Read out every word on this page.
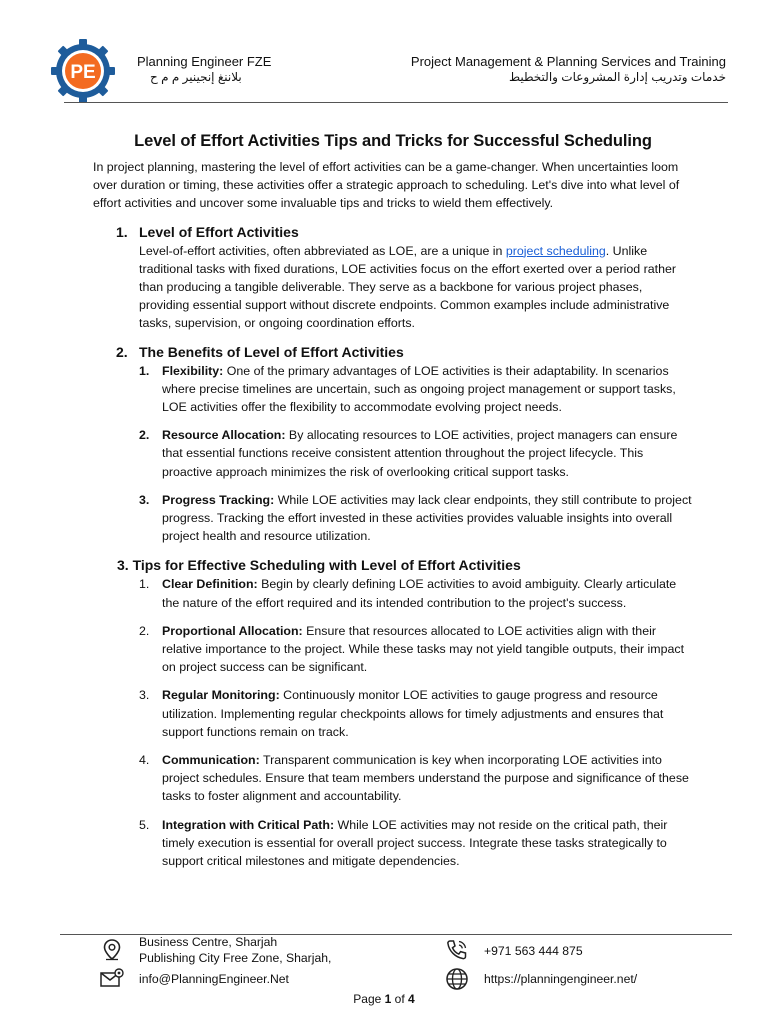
PE
Planning Engineer FZE
بلاننغ إنجينير م م ح
Project Management & Planning Services and Training
خدمات وتدريب إدارة المشروعات والتخطيط
Level of Effort Activities Tips and Tricks for Successful Scheduling

In project planning, mastering the level of effort activities can be a game-changer. When uncertainties loom over duration or timing, these activities offer a strategic approach to scheduling. Let's dive into what level of effort activities and uncover some invaluable tips and tricks to wield them effectively.

1. Level of Effort Activities

Level-of-effort activities, often abbreviated as LOE, are a unique in project scheduling. Unlike traditional tasks with fixed durations, LOE activities focus on the effort exerted over a period rather than producing a tangible deliverable. They serve as a backbone for various project phases, providing essential support without discrete endpoints. Common examples include administrative tasks, supervision, or ongoing coordination efforts.

2. The Benefits of Level of Effort Activities
1.	Flexibility: One of the primary advantages of LOE activities is their adaptability. In scenarios where precise timelines are uncertain, such as ongoing project management or support tasks, LOE activities offer the flexibility to accommodate evolving project needs.
2.	Resource Allocation: By allocating resources to LOE activities, project managers can ensure that essential functions receive consistent attention throughout the project lifecycle. This proactive approach minimizes the risk of overlooking critical support tasks.
3.	Progress Tracking: While LOE activities may lack clear endpoints, they still contribute to project progress. Tracking the effort invested in these activities provides valuable insights into overall project health and resource utilization.
3. Tips for Effective Scheduling with Level of Effort Activities
1.	Clear Definition: Begin by clearly defining LOE activities to avoid ambiguity. Clearly articulate the nature of the effort required and its intended contribution to the project's success.
2.	Proportional Allocation: Ensure that resources allocated to LOE activities align with their relative importance to the project. While these tasks may not yield tangible outputs, their impact on project success can be significant.
3.	Regular Monitoring: Continuously monitor LOE activities to gauge progress and resource utilization. Implementing regular checkpoints allows for timely adjustments and ensures that support functions remain on track.
4.	Communication: Transparent communication is key when incorporating LOE activities into project schedules. Ensure that team members understand the purpose and significance of these tasks to foster alignment and accountability.
5.	Integration with Critical Path: While LOE activities may not reside on the critical path, their timely execution is essential for overall project success. Integrate these tasks strategically to support critical milestones and mitigate dependencies.
Business Centre, Sharjah
Publishing City Free Zone, Sharjah,
info@PlanningEngineer.Net
+971 563 444 875
https://planningengineer.net/
Page 1 of 4
